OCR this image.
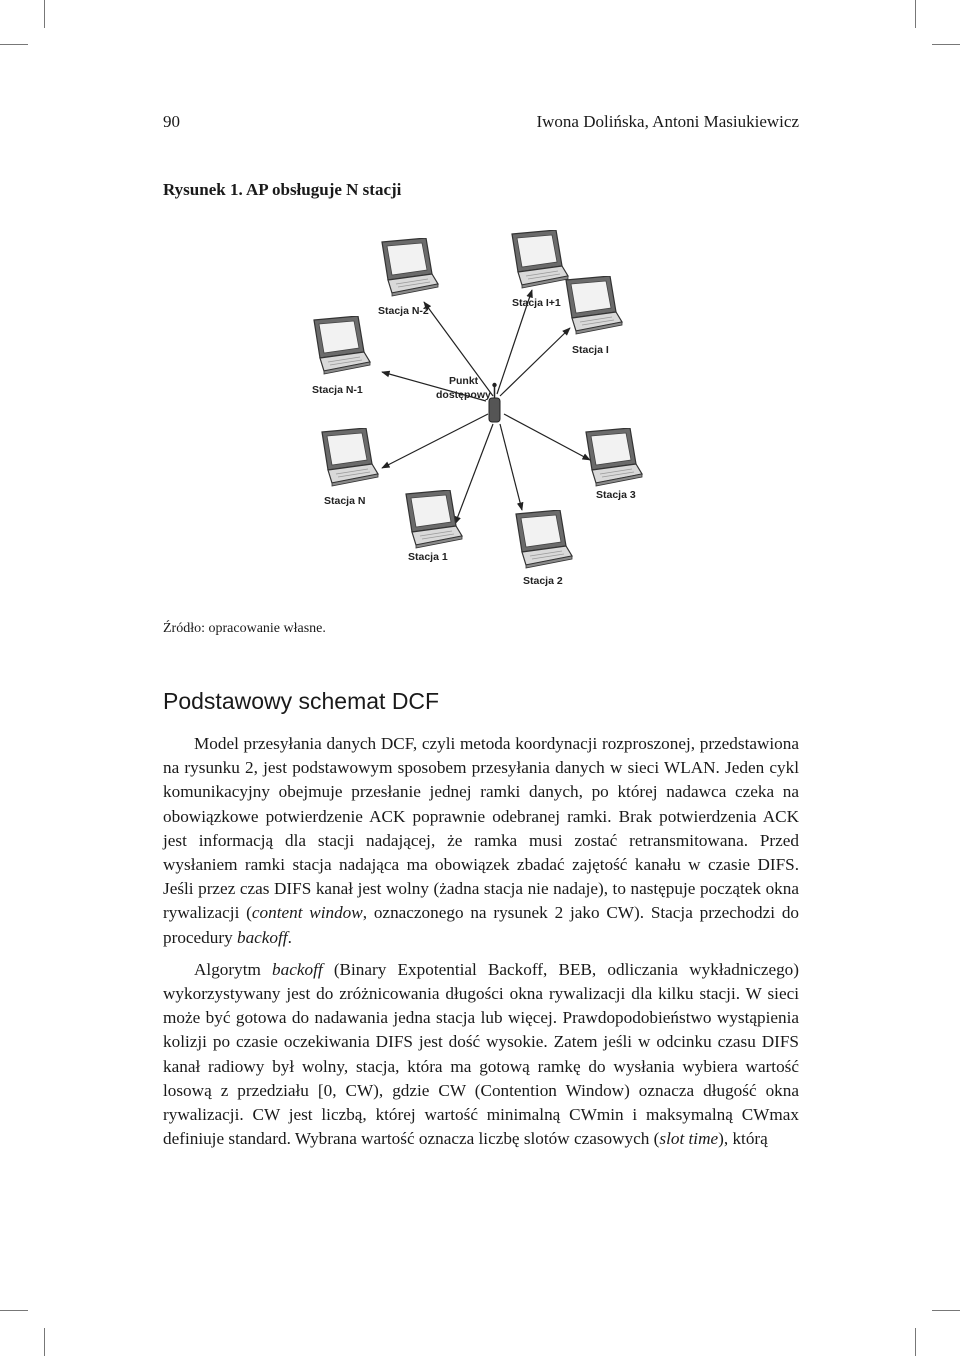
90	Iwona Dolińska, Antoni Masiukiewicz
Rysunek 1. AP obsługuje N stacji
Punkt
dostępowy
Stacja N-2
Stacja I+1
Stacja I
Stacja N-1
Stacja N	Stacja 3
Stacja 1
Stacja 2
Źródło: opracowanie własne.
Podstawowy schemat DCF

Model przesyłania danych DCF, czyli metoda koordynacji rozproszonej, przedstawiona na rysunku 2, jest podstawowym sposobem przesyłania danych w sieci WLAN. Jeden cykl komunikacyjny obejmuje przesłanie jednej ramki danych, po której nadawca czeka na obowiązkowe potwierdzenie ACK poprawnie odebranej ramki. Brak potwierdzenia ACK jest informacją dla stacji nadającej, że ramka musi zostać retransmitowana. Przed wysłaniem ramki stacja nadająca ma obowiązek zbadać zajętość kanału w czasie DIFS. Jeśli przez czas DIFS kanał jest wolny (żadna stacja nie nadaje), to następuje początek okna rywalizacji (content window, oznaczonego na rysunek 2 jako CW). Stacja przechodzi do procedury backoff.

Algorytm backoff (Binary Expotential Backoff, BEB, odliczania wykładniczego) wykorzystywany jest do zróżnicowania długości okna rywalizacji dla kilku stacji. W sieci może być gotowa do nadawania jedna stacja lub więcej. Prawdopodobieństwo wystąpienia kolizji po czasie oczekiwania DIFS jest dość wysokie. Zatem jeśli w odcinku czasu DIFS kanał radiowy był wolny, stacja, która ma gotową ramkę do wysłania wybiera wartość losową z przedziału [0, CW), gdzie CW (Contention Window) oznacza długość okna rywalizacji. CW jest liczbą, której wartość minimalną CWmin i maksymalną CWmax definiuje standard. Wybrana wartość oznacza liczbę slotów czasowych (slot time), którą
